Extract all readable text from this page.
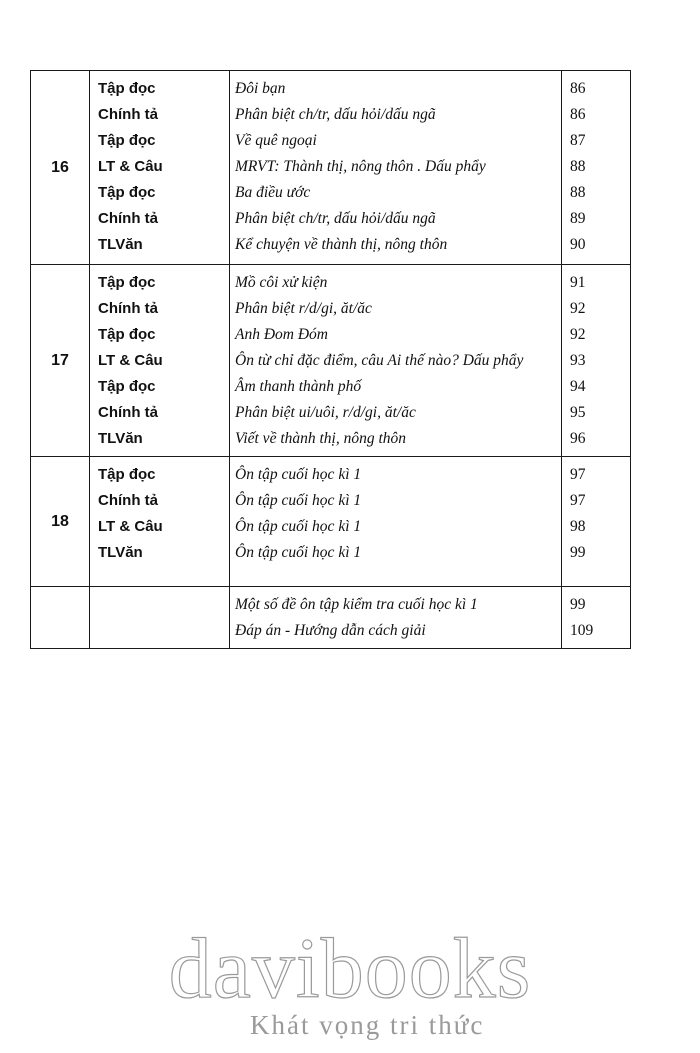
16
Tập đọc
Chính tả
Tập đọc
LT & Câu
Tập đọc
Chính tả
TLVăn
Đôi bạn
Phân biệt ch/tr, dấu hỏi/dấu ngã
Về quê ngoại
MRVT: Thành thị, nông thôn . Dấu phẩy
Ba điều ước
Phân biệt ch/tr, dấu hỏi/dấu ngã
Kể chuyện về thành thị, nông thôn
86
86
87
88
88
89
90
17
Tập đọc
Chính tả
Tập đọc
LT & Câu
Tập đọc
Chính tả
TLVăn
Mồ côi xử kiện
Phân biệt r/d/gi, ăt/ăc
Anh Đom Đóm
Ôn từ chỉ đặc điểm, câu Ai thế nào? Dấu phẩy
Âm thanh thành phố
Phân biệt ui/uôi, r/d/gi, ăt/ăc
Viết về thành thị, nông thôn
91
92
92
93
94
95
96
18
Tập đọc
Chính tả
LT & Câu
TLVăn
Ôn tập cuối học kì 1
Ôn tập cuối học kì 1
Ôn tập cuối học kì 1
Ôn tập cuối học kì 1
97
97
98
99
Một số đề ôn tập kiểm tra cuối học kì 1
Đáp án - Hướng dẫn cách giải
99
109
davibooks
Khát vọng tri thức
